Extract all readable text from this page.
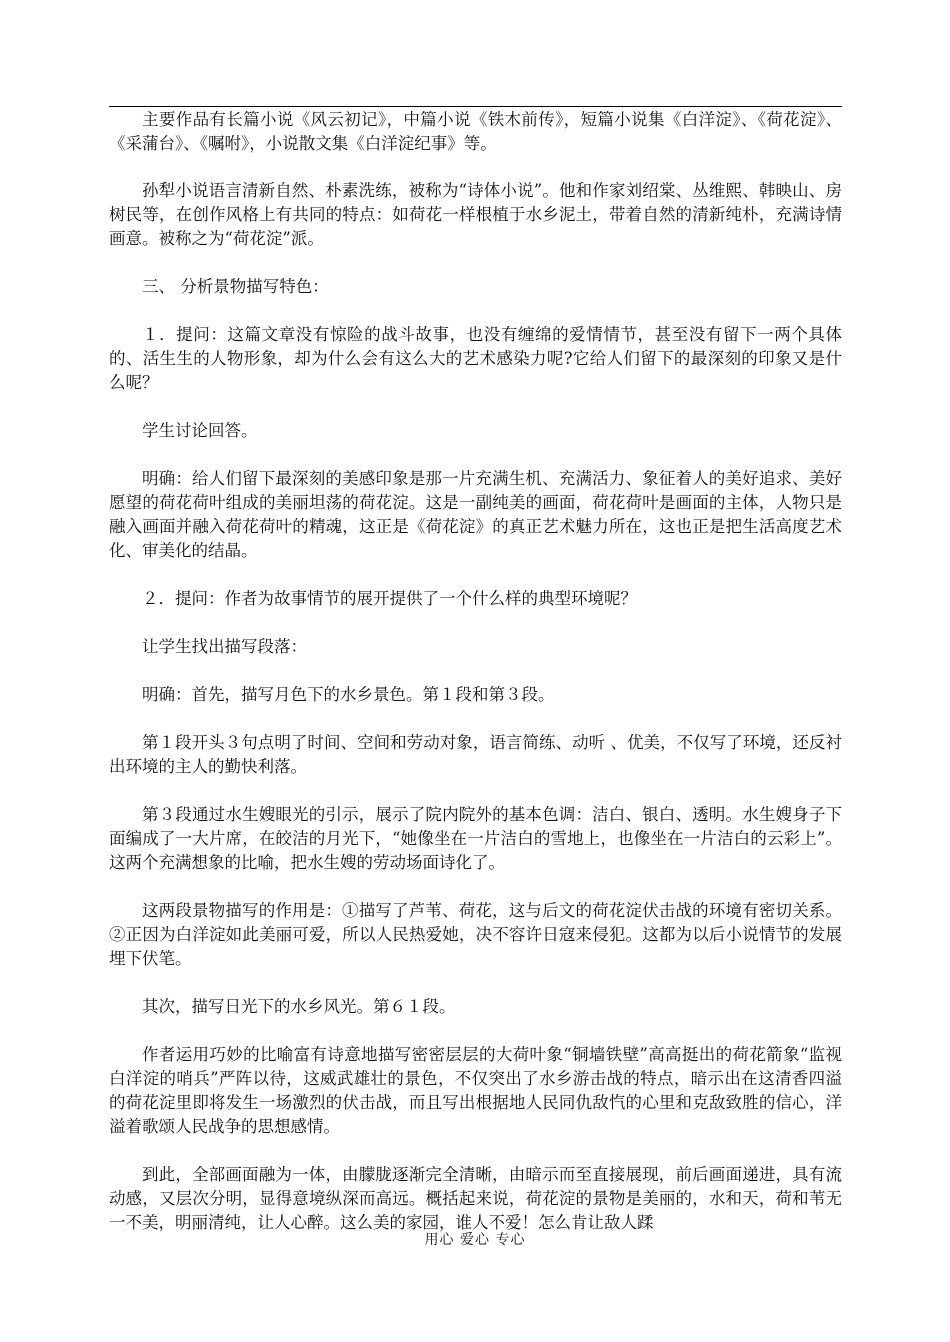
主要作品有长篇小说《风云初记》，中篇小说《铁木前传》，短篇小说集《白洋淀》、《荷花淀》、《采蒲台》、《嘱咐》，小说散文集《白洋淀纪事》等。

孙犁小说语言清新自然、朴素洗练，被称为“诗体小说”。他和作家刘绍棠、丛维熙、韩映山、房树民等，在创作风格上有共同的特点：如荷花一样根植于水乡泥土，带着自然的清新纯朴，充满诗情画意。被称之为“荷花淀”派。

三、 分析景物描写特色：

１．提问：这篇文章没有惊险的战斗故事，也没有缠绵的爱情情节，甚至没有留下一两个具体的、活生生的人物形象，却为什么会有这么大的艺术感染力呢?它给人们留下的最深刻的印象又是什么呢？

学生讨论回答。

明确：给人们留下最深刻的美感印象是那一片充满生机、充满活力、象征着人的美好追求、美好愿望的荷花荷叶组成的美丽坦荡的荷花淀。这是一副纯美的画面，荷花荷叶是画面的主体，人物只是融入画面并融入荷花荷叶的精魂，这正是《荷花淀》的真正艺术魅力所在，这也正是把生活高度艺术化、审美化的结晶。

２．提问：作者为故事情节的展开提供了一个什么样的典型环境呢？

让学生找出描写段落：

明确：首先，描写月色下的水乡景色。第１段和第３段。

第１段开头３句点明了时间、空间和劳动对象，语言简练、动听 、优美，不仅写了环境，还反衬出环境的主人的勤快利落。

第３段通过水生嫂眼光的引示，展示了院内院外的基本色调：洁白、银白、透明。水生嫂身子下面编成了一大片席，在皎洁的月光下，“她像坐在一片洁白的雪地上，也像坐在一片洁白的云彩上”。这两个充满想象的比喻，把水生嫂的劳动场面诗化了。

这两段景物描写的作用是：①描写了芦苇、荷花，这与后文的荷花淀伏击战的环境有密切关系。②正因为白洋淀如此美丽可爱，所以人民热爱她，决不容许日寇来侵犯。这都为以后小说情节的发展埋下伏笔。

其次，描写日光下的水乡风光。第６１段。

作者运用巧妙的比喻富有诗意地描写密密层层的大荷叶象“铜墙铁壁”高高挺出的荷花箭象“监视白洋淀的哨兵”严阵以待，这威武雄壮的景色，不仅突出了水乡游击战的特点，暗示出在这清香四溢的荷花淀里即将发生一场激烈的伏击战，而且写出根据地人民同仇敌忾的心里和克敌致胜的信心，洋溢着歌颂人民战争的思想感情。

到此，全部画面融为一体，由朦胧逐渐完全清晰，由暗示而至直接展现，前后画面递进，具有流动感，又层次分明，显得意境纵深而高远。概括起来说，荷花淀的景物是美丽的，水和天，荷和苇无一不美，明丽清纯，让人心醉。这么美的家园，谁人不爱！怎么肯让敌人蹂

用心 爱心 专心
